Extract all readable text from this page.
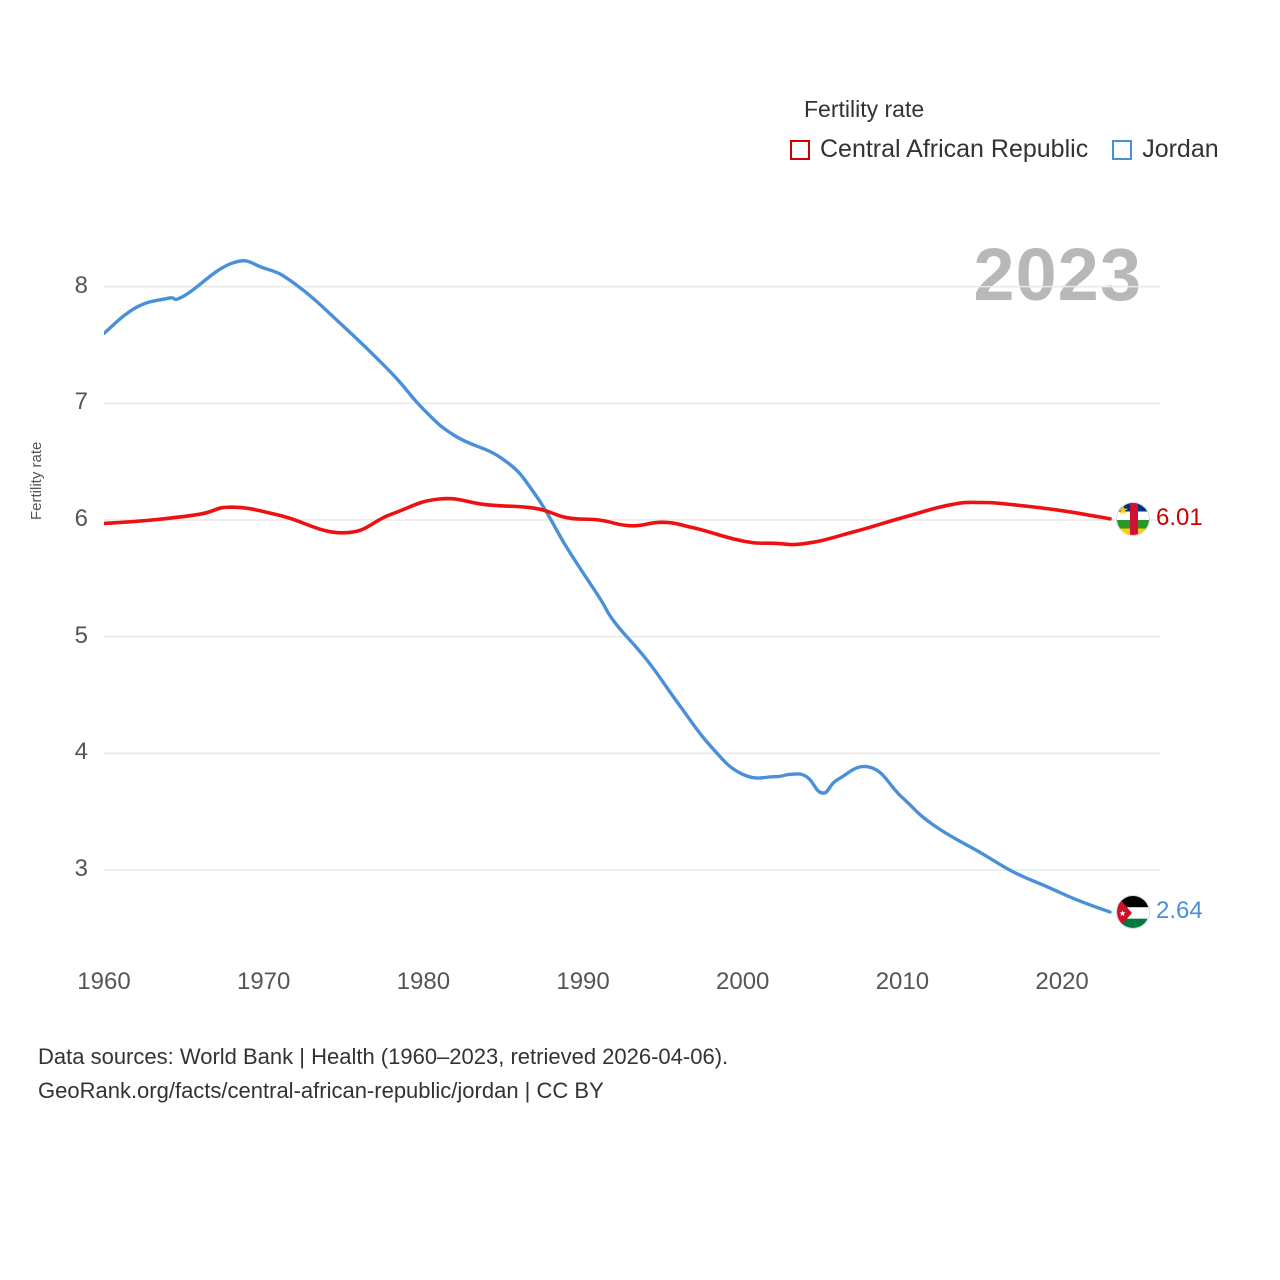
Fertility rate
Central African Republic Jordan
2023
Fertility rate
3
4
5
6
7
8
1960	1970	1980	1990	2000	2010	2020
6.01
2.64
Data sources: World Bank | Health (1960–2023, retrieved 2026-04-06).
GeoRank.org/facts/central-african-republic/jordan | CC BY
